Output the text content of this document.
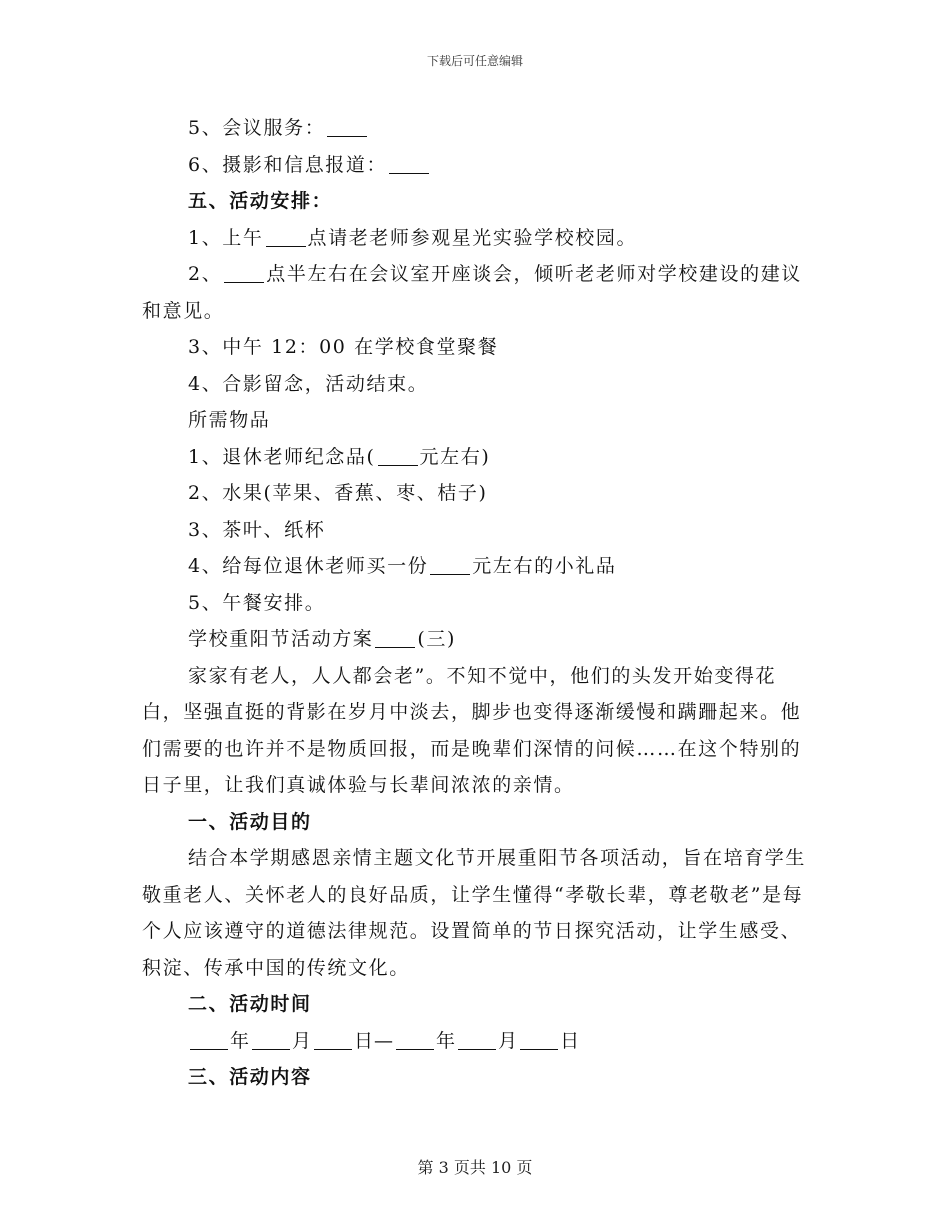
下载后可任意编辑

5、会议服务：

6、摄影和信息报道：

五、活动安排：

1、上午 点请老老师参观星光实验学校校园。

2、 点半左右在会议室开座谈会，倾听老老师对学校建设的建议和意见。

3、中午 12：00 在学校食堂聚餐

4、合影留念，活动结束。

所需物品

1、退休老师纪念品( 元左右)

2、水果(苹果、香蕉、枣、桔子)

3、茶叶、纸杯

4、给每位退休老师买一份 元左右的小礼品

5、午餐安排。

学校重阳节活动方案 (三)

家家有老人，人人都会老”。不知不觉中，他们的头发开始变得花白，坚强直挺的背影在岁月中淡去，脚步也变得逐渐缓慢和蹒跚起来。他们需要的也许并不是物质回报，而是晚辈们深情的问候……在这个特别的日子里，让我们真诚体验与长辈间浓浓的亲情。

一、活动目的

结合本学期感恩亲情主题文化节开展重阳节各项活动，旨在培育学生敬重老人、关怀老人的良好品质，让学生懂得“孝敬长辈，尊老敬老”是每个人应该遵守的道德法律规范。设置简单的节日探究活动，让学生感受、积淀、传承中国的传统文化。

二、活动时间

年 月 日— 年 月 日

三、活动内容

第 3 页共 10 页
